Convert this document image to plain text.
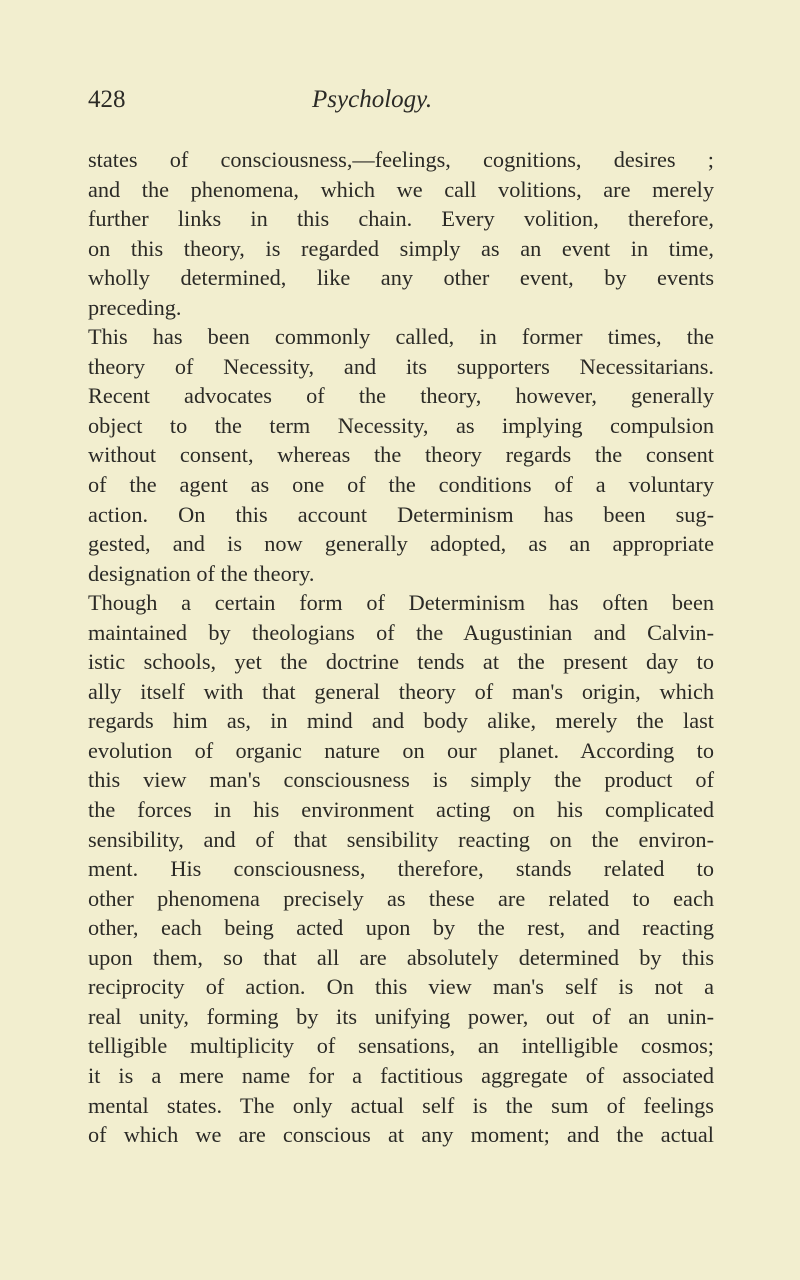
428	Psychology.
states of consciousness,—feelings, cognitions, desires ;
and the phenomena, which we call volitions, are merely
further links in this chain. Every volition, therefore,
on this theory, is regarded simply as an event in time,
wholly determined, like any other event, by events
preceding.
This has been commonly called, in former times, the
theory of Necessity, and its supporters Necessitarians.
Recent advocates of the theory, however, generally
object to the term Necessity, as implying compulsion
without consent, whereas the theory regards the consent
of the agent as one of the conditions of a voluntary
action. On this account Determinism has been sug-
gested, and is now generally adopted, as an appropriate
designation of the theory.
Though a certain form of Determinism has often been
maintained by theologians of the Augustinian and Calvin-
istic schools, yet the doctrine tends at the present day to
ally itself with that general theory of man's origin, which
regards him as, in mind and body alike, merely the last
evolution of organic nature on our planet. According to
this view man's consciousness is simply the product of
the forces in his environment acting on his complicated
sensibility, and of that sensibility reacting on the environ-
ment. His consciousness, therefore, stands related to
other phenomena precisely as these are related to each
other, each being acted upon by the rest, and reacting
upon them, so that all are absolutely determined by this
reciprocity of action. On this view man's self is not a
real unity, forming by its unifying power, out of an unin-
telligible multiplicity of sensations, an intelligible cosmos;
it is a mere name for a factitious aggregate of associated
mental states. The only actual self is the sum of feelings
of which we are conscious at any moment; and the actual
